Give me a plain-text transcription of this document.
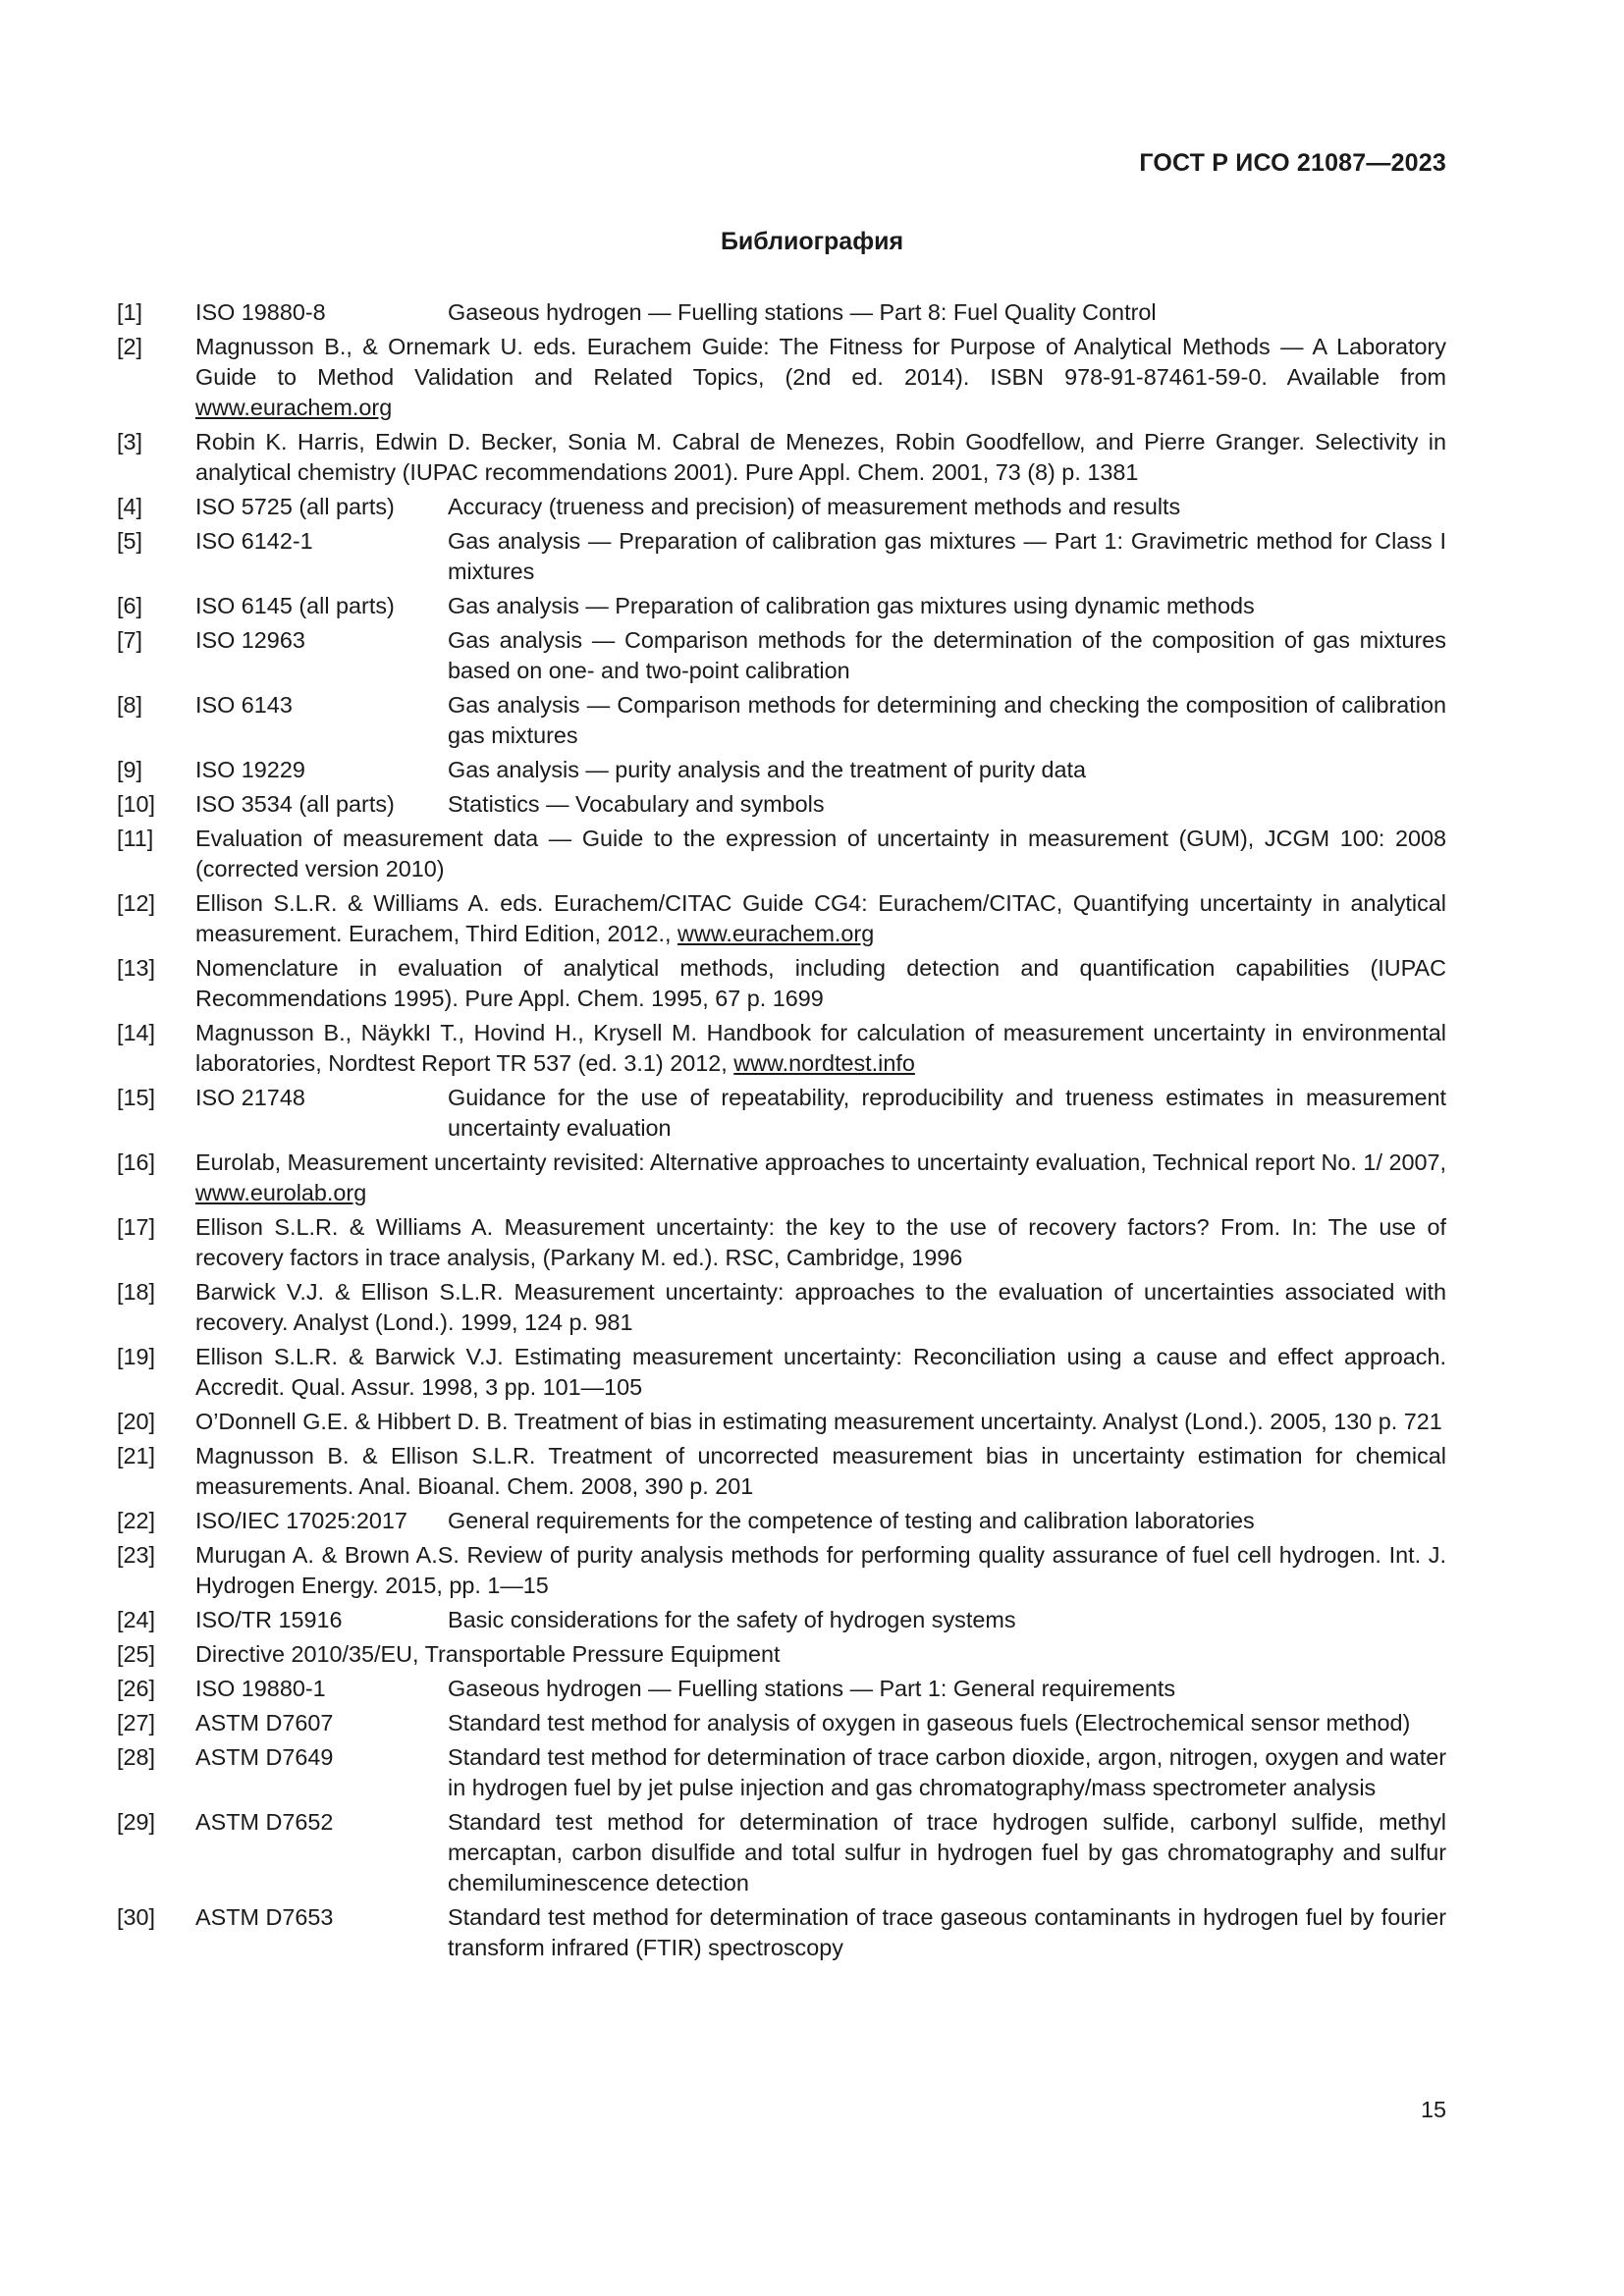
ГОСТ Р ИСО 21087—2023
Библиография
[1]	ISO 19880-8	Gaseous hydrogen — Fuelling stations — Part 8: Fuel Quality Control
[2]	Magnusson B., & Ornemark U. eds. Eurachem Guide: The Fitness for Purpose of Analytical Methods — A Laboratory Guide to Method Validation and Related Topics, (2nd ed. 2014). ISBN 978-91-87461-59-0. Available from www.eurachem.org
[3]	Robin K. Harris, Edwin D. Becker, Sonia M. Cabral de Menezes, Robin Goodfellow, and Pierre Granger. Selectivity in analytical chemistry (IUPAC recommendations 2001). Pure Appl. Chem. 2001, 73 (8) p. 1381
[4]	ISO 5725 (all parts)	Accuracy (trueness and precision) of measurement methods and results
[5]	ISO 6142-1	Gas analysis — Preparation of calibration gas mixtures — Part 1: Gravimetric method for Class I mixtures
[6]	ISO 6145 (all parts)	Gas analysis — Preparation of calibration gas mixtures using dynamic methods
[7]	ISO 12963	Gas analysis — Comparison methods for the determination of the composition of gas mixtures based on one- and two-point calibration
[8]	ISO 6143	Gas analysis — Comparison methods for determining and checking the composition of calibration gas mixtures
[9]	ISO 19229	Gas analysis — purity analysis and the treatment of purity data
[10]	ISO 3534 (all parts)	Statistics — Vocabulary and symbols
[11]	Evaluation of measurement data — Guide to the expression of uncertainty in measurement (GUM), JCGM 100: 2008 (corrected version 2010)
[12]	Ellison S.L.R. & Williams A. eds. Eurachem/CITAC Guide CG4: Eurachem/CITAC, Quantifying uncertainty in analytical measurement. Eurachem, Third Edition, 2012., www.eurachem.org
[13]	Nomenclature in evaluation of analytical methods, including detection and quantification capabilities (IUPAC Recommendations 1995). Pure Appl. Chem. 1995, 67 p. 1699
[14]	Magnusson B., NäykkI T., Hovind H., Krysell M. Handbook for calculation of measurement uncertainty in environmental laboratories, Nordtest Report TR 537 (ed. 3.1) 2012, www.nordtest.info
[15]	ISO 21748	Guidance for the use of repeatability, reproducibility and trueness estimates in measurement uncertainty evaluation
[16]	Eurolab, Measurement uncertainty revisited: Alternative approaches to uncertainty evaluation, Technical report No. 1/ 2007, www.eurolab.org
[17]	Ellison S.L.R. & Williams A. Measurement uncertainty: the key to the use of recovery factors? From. In: The use of recovery factors in trace analysis, (Parkany M. ed.). RSC, Cambridge, 1996
[18]	Barwick V.J. & Ellison S.L.R. Measurement uncertainty: approaches to the evaluation of uncertainties associated with recovery. Analyst (Lond.). 1999, 124 p. 981
[19]	Ellison S.L.R. & Barwick V.J. Estimating measurement uncertainty: Reconciliation using a cause and effect approach. Accredit. Qual. Assur. 1998, 3 pp. 101—105
[20]	O’Donnell G.E. & Hibbert D. B. Treatment of bias in estimating measurement uncertainty. Analyst (Lond.). 2005, 130 p. 721
[21]	Magnusson B. & Ellison S.L.R. Treatment of uncorrected measurement bias in uncertainty estimation for chemical measurements. Anal. Bioanal. Chem. 2008, 390 p. 201
[22]	ISO/IEC 17025:2017	General requirements for the competence of testing and calibration laboratories
[23]	Murugan A. & Brown A.S. Review of purity analysis methods for performing quality assurance of fuel cell hydrogen. Int. J. Hydrogen Energy. 2015, pp. 1—15
[24]	ISO/TR 15916	Basic considerations for the safety of hydrogen systems
[25]	Directive 2010/35/EU, Transportable Pressure Equipment
[26]	ISO 19880-1	Gaseous hydrogen — Fuelling stations — Part 1: General requirements
[27]	ASTM D7607	Standard test method for analysis of oxygen in gaseous fuels (Electrochemical sensor method)
[28]	ASTM D7649	Standard test method for determination of trace carbon dioxide, argon, nitrogen, oxygen and water in hydrogen fuel by jet pulse injection and gas chromatography/mass spectrometer analysis
[29]	ASTM D7652	Standard test method for determination of trace hydrogen sulfide, carbonyl sulfide, methyl mercaptan, carbon disulfide and total sulfur in hydrogen fuel by gas chromatography and sulfur chemiluminescence detection
[30]	ASTM D7653	Standard test method for determination of trace gaseous contaminants in hydrogen fuel by fourier transform infrared (FTIR) spectroscopy
15
